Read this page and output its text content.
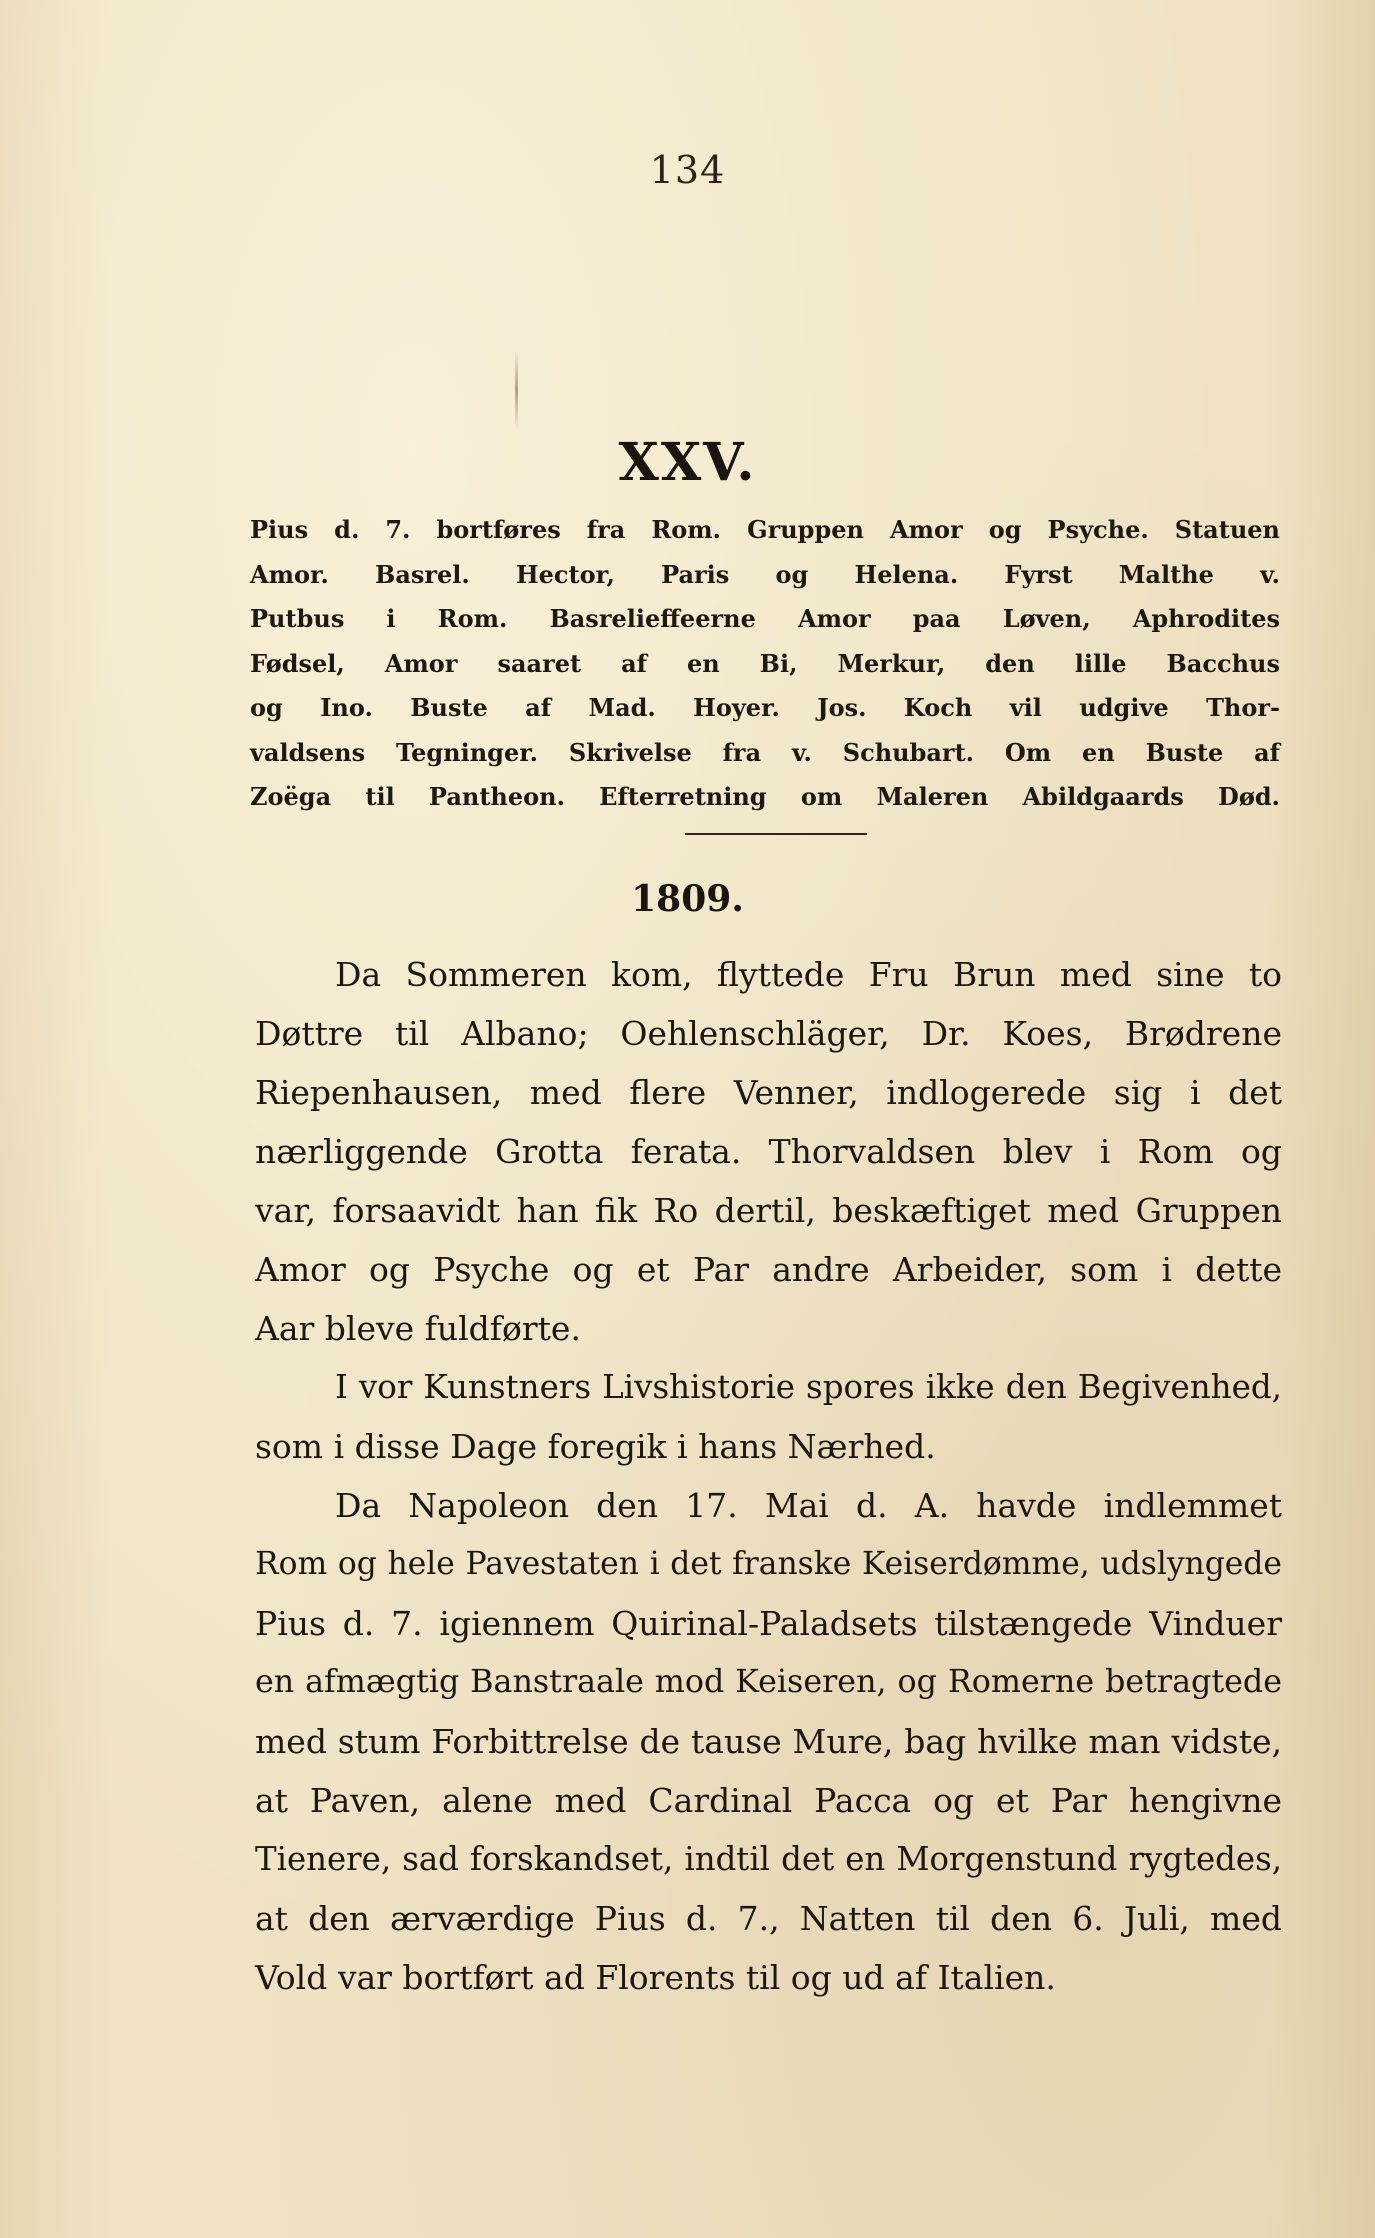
134
XXV.
Pius d. 7. bortføres fra Rom. Gruppen Amor og Psyche. Statuen
Amor. Basrel. Hector, Paris og Helena. Fyrst Malthe v.
Putbus i Rom. Basrelieffeerne Amor paa Løven, Aphrodites
Fødsel, Amor saaret af en Bi, Merkur, den lille Bacchus
og Ino. Buste af Mad. Hoyer. Jos. Koch vil udgive Thor-
valdsens Tegninger. Skrivelse fra v. Schubart. Om en Buste af
Zoëga til Pantheon. Efterretning om Maleren Abildgaards Død.
1809.
Da Sommeren kom, flyttede Fru Brun med sine to
Døttre til Albano; Oehlenschläger, Dr. Koes, Brødrene
Riepenhausen, med flere Venner, indlogerede sig i det
nærliggende Grotta ferata. Thorvaldsen blev i Rom og
var, forsaavidt han fik Ro dertil, beskæftiget med Gruppen
Amor og Psyche og et Par andre Arbeider, som i dette
Aar bleve fuldførte.
I vor Kunstners Livshistorie spores ikke den Begivenhed,
som i disse Dage foregik i hans Nærhed.
Da Napoleon den 17. Mai d. A. havde indlemmet
Rom og hele Pavestaten i det franske Keiserdømme, udslyngede
Pius d. 7. igiennem Quirinal-Paladsets tilstængede Vinduer
en afmægtig Banstraale mod Keiseren, og Romerne betragtede
med stum Forbittrelse de tause Mure, bag hvilke man vidste,
at Paven, alene med Cardinal Pacca og et Par hengivne
Tienere, sad forskandset, indtil det en Morgenstund rygtedes,
at den ærværdige Pius d. 7., Natten til den 6. Juli, med
Vold var bortført ad Florents til og ud af Italien.
